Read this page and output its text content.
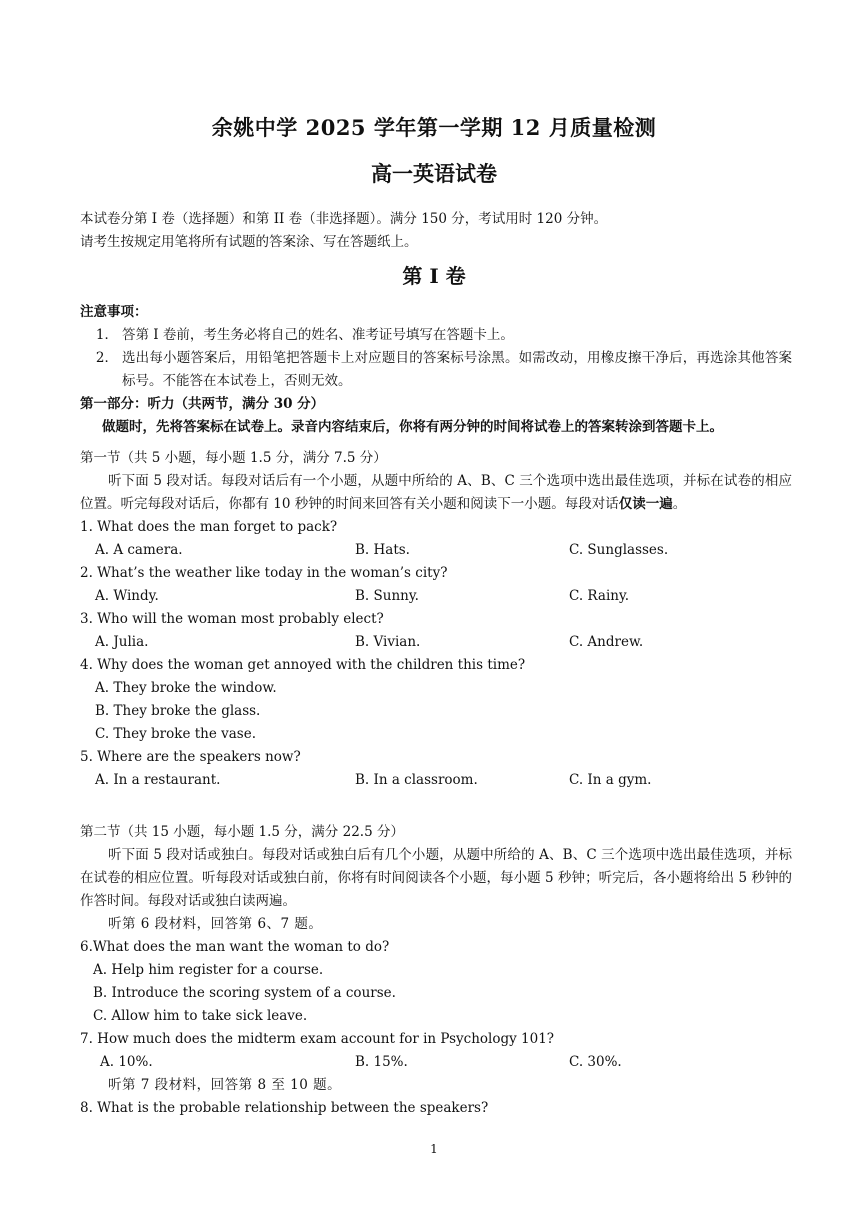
余姚中学 2025 学年第一学期 12 月质量检测
高一英语试卷
本试卷分第 I 卷（选择题）和第 II 卷（非选择题）。满分 150 分，考试用时 120 分钟。
请考生按规定用笔将所有试题的答案涂、写在答题纸上。
第 I 卷
注意事项：
1． 答第 I 卷前，考生务必将自己的姓名、准考证号填写在答题卡上。
2． 选出每小题答案后，用铅笔把答题卡上对应题目的答案标号涂黑。如需改动，用橡皮擦干净后，再选涂其他答案标号。不能答在本试卷上，否则无效。
第一部分：听力（共两节，满分 30 分）
做题时，先将答案标在试卷上。录音内容结束后，你将有两分钟的时间将试卷上的答案转涂到答题卡上。
第一节（共 5 小题，每小题 1.5 分，满分 7.5 分）
听下面 5 段对话。每段对话后有一个小题，从题中所给的 A、B、C 三个选项中选出最佳选项，并标在试卷的相应位置。听完每段对话后，你都有 10 秒钟的时间来回答有关小题和阅读下一小题。每段对话仅读一遍。
1. What does the man forget to pack?
A. A camera.	B. Hats.	C. Sunglasses.
2. What’s the weather like today in the woman’s city?
A. Windy.	B. Sunny.	C. Rainy.
3. Who will the woman most probably elect?
A. Julia.	B. Vivian.	C. Andrew.
4. Why does the woman get annoyed with the children this time?
A. They broke the window.
B. They broke the glass.
C. They broke the vase.
5. Where are the speakers now?
A. In a restaurant.	B. In a classroom.	C. In a gym.
第二节（共 15 小题，每小题 1.5 分，满分 22.5 分）
听下面 5 段对话或独白。每段对话或独白后有几个小题，从题中所给的 A、B、C 三个选项中选出最佳选项，并标在试卷的相应位置。听每段对话或独白前，你将有时间阅读各个小题，每小题 5 秒钟；听完后，各小题将给出 5 秒钟的作答时间。每段对话或独白读两遍。
听第 6 段材料，回答第 6、7 题。
6.What does the man want the woman to do?
A. Help him register for a course.
B. Introduce the scoring system of a course.
C. Allow him to take sick leave.
7. How much does the midterm exam account for in Psychology 101?
A. 10%.	B. 15%.	C. 30%.
听第 7 段材料，回答第 8 至 10 题。
8. What is the probable relationship between the speakers?
1
